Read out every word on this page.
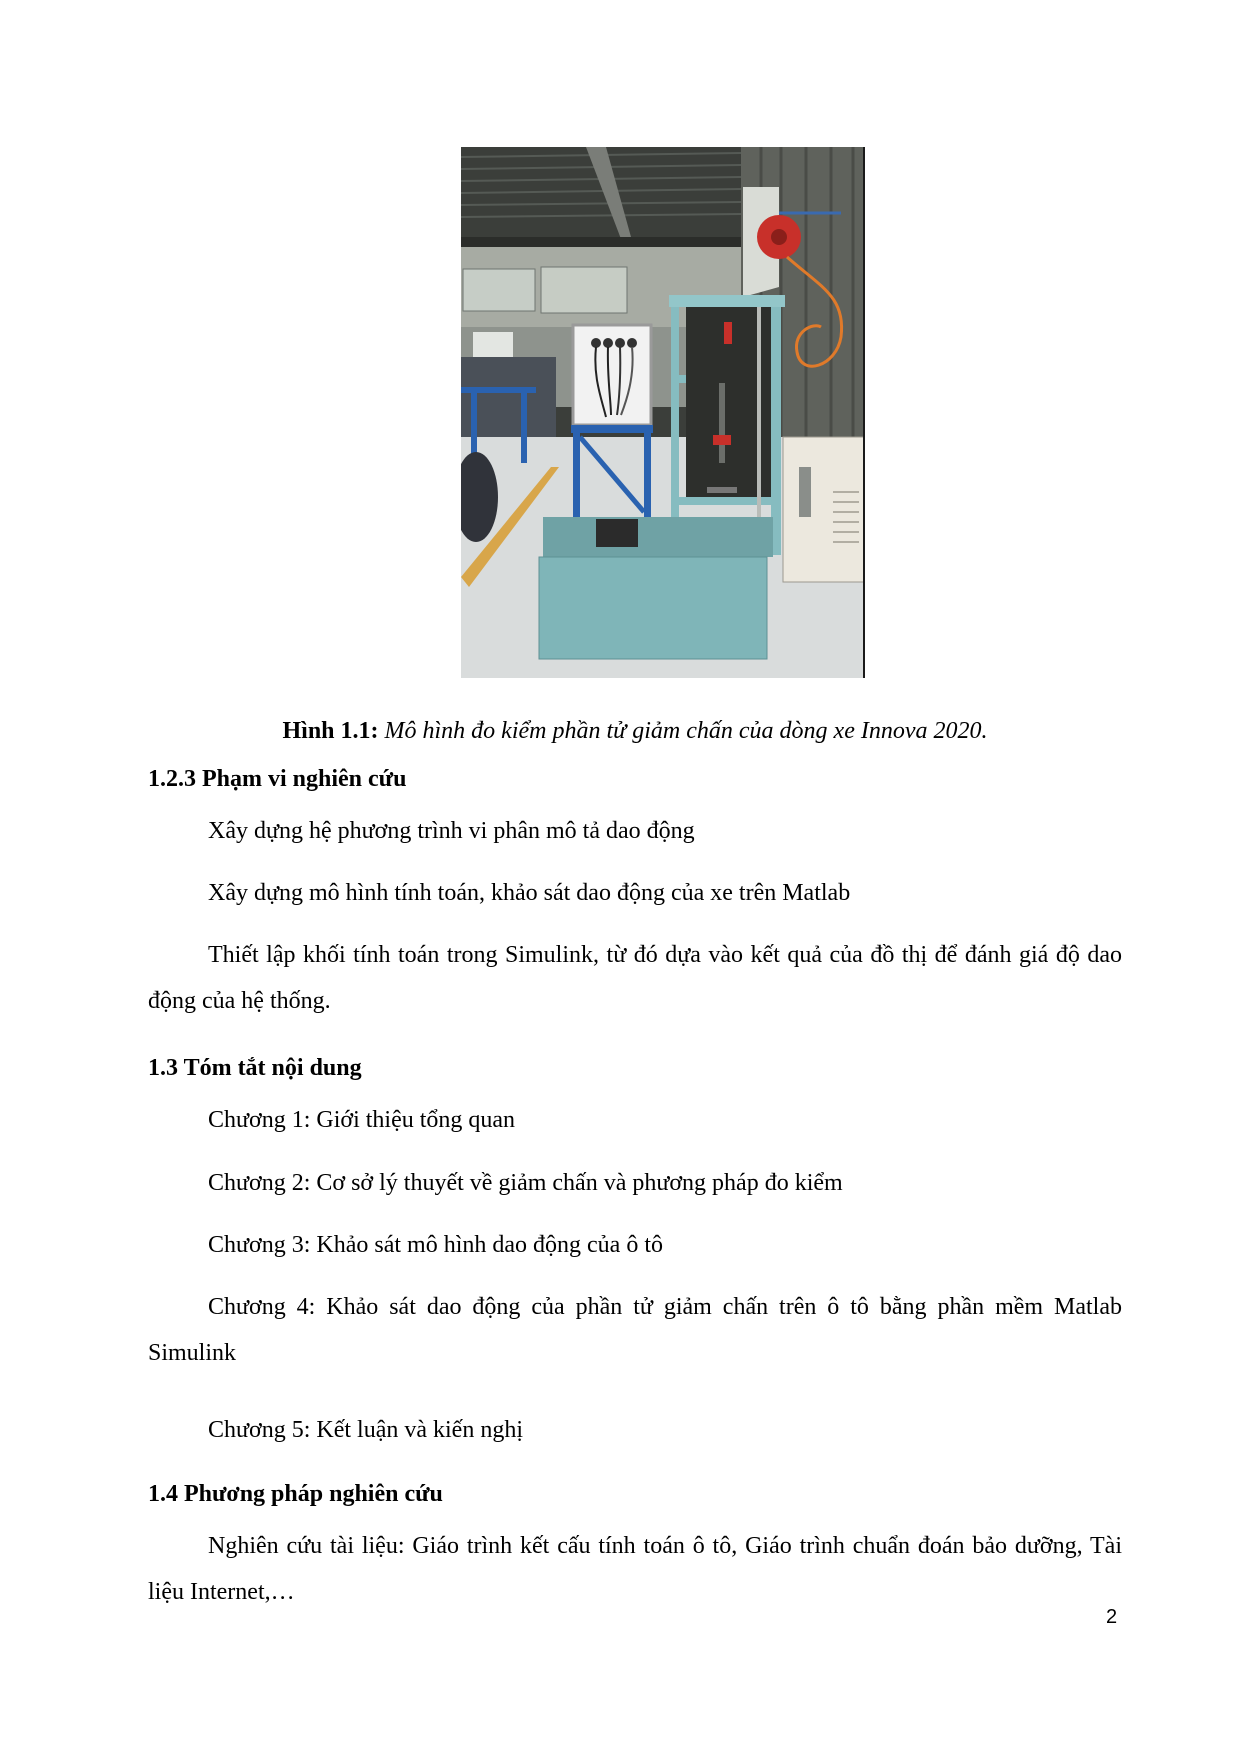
Hình 1.1: Mô hình đo kiểm phần tử giảm chấn của dòng xe Innova 2020.
1.2.3 Phạm vi nghiên cứu
Xây dựng hệ phương trình vi phân mô tả dao động
Xây dựng mô hình tính toán, khảo sát dao động của xe trên Matlab
Thiết lập khối tính toán trong Simulink, từ đó dựa vào kết quả của đồ thị để đánh giá độ dao động của hệ thống.
1.3 Tóm tắt nội dung
Chương 1: Giới thiệu tổng quan
Chương 2: Cơ sở lý thuyết về giảm chấn và phương pháp đo kiểm
Chương 3: Khảo sát mô hình dao động của ô tô
Chương 4: Khảo sát dao động của phần tử giảm chấn trên ô tô bằng phần mềm Matlab Simulink
Chương 5: Kết luận và kiến nghị
1.4 Phương pháp nghiên cứu
Nghiên cứu tài liệu: Giáo trình kết cấu tính toán ô tô, Giáo trình chuẩn đoán bảo dưỡng, Tài liệu Internet,…
2
